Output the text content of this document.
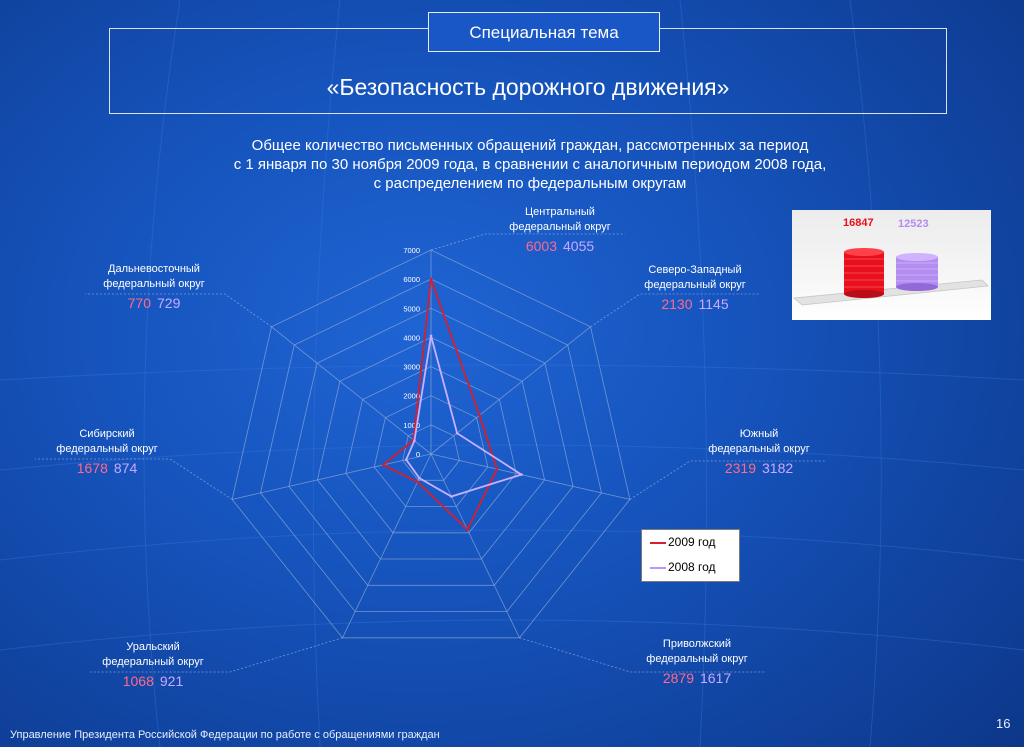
Специальная тема
«Безопасность дорожного движения»
Общее количество письменных обращений граждан, рассмотренных за период
с 1 января по 30 ноября 2009 года, в сравнении с аналогичным периодом 2008 года,
с распределением по федеральным округам
0
1000
2000
3000
4000
5000
6000
7000
Центральный
федеральный округ
6003 4055
Северо-Западный
федеральный округ
2130 1145
Южный
федеральный округ
2319 3182
Приволжский
федеральный округ
2879 1617
Уральский
федеральный округ
1068 921
Сибирский
федеральный округ
1678 874
Дальневосточный
федеральный округ
770 729
2009 год
2008 год
16847 12523
Управление Президента Российской Федерации по работе с обращениями граждан
16
